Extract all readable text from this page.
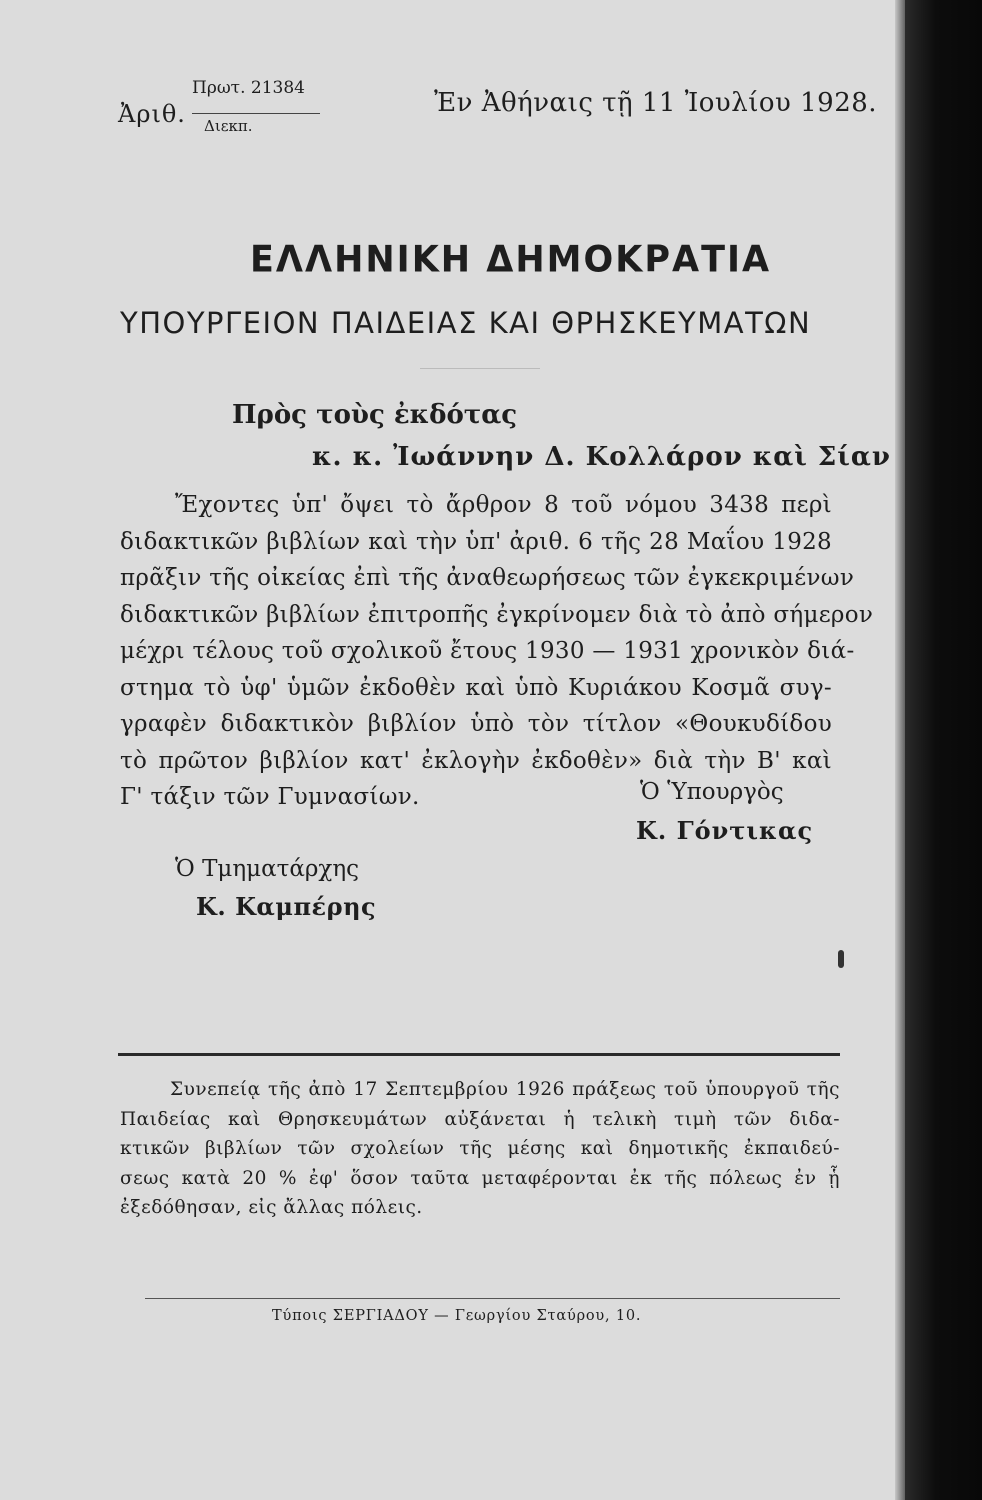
Ἀριθ.
Πρωτ. 21384
Διεκπ.
Ἐν Ἀθήναις τῇ 11 Ἰουλίου 1928.
ΕΛΛΗΝΙΚΗ ΔΗΜΟΚΡΑΤΙΑ
ΥΠΟΥΡΓΕΙΟΝ ΠΑΙΔΕΙΑΣ ΚΑΙ ΘΡΗΣΚΕΥΜΑΤΩΝ
Πρὸς τοὺς ἐκδότας
κ. κ. Ἰωάννην Δ. Κολλάρον καὶ Σίαν
Ἔχοντες ὑπ' ὄψει τὸ ἄρθρον 8 τοῦ νόμου 3438 περὶ
διδακτικῶν βιβλίων καὶ τὴν ὑπ' ἀριθ. 6 τῆς 28 Μαΐου 1928
πρᾶξιν τῆς οἰκείας ἐπὶ τῆς ἀναθεωρήσεως τῶν ἐγκεκριμένων
διδακτικῶν βιβλίων ἐπιτροπῆς ἐγκρίνομεν διὰ τὸ ἀπὸ σήμερον
μέχρι τέλους τοῦ σχολικοῦ ἔτους 1930 — 1931 χρονικὸν διά-
στημα τὸ ὑφ' ὑμῶν ἐκδοθὲν καὶ ὑπὸ Κυριάκου Κοσμᾶ συγ-
γραφὲν διδακτικὸν βιβλίον ὑπὸ τὸν τίτλον «Θουκυδίδου
τὸ πρῶτον βιβλίον κατ' ἐκλογὴν ἐκδοθὲν» διὰ τὴν Β' καὶ
Γ' τάξιν τῶν Γυμνασίων.	Ὁ Ὑπουργὸς
Κ. Γόντικας
Ὁ Τμηματάρχης
Κ. Καμπέρης
Συνεπείᾳ τῆς ἀπὸ 17 Σεπτεμβρίου 1926 πράξεως τοῦ ὑπουργοῦ τῆς
Παιδείας καὶ Θρησκευμάτων αὐξάνεται ἡ τελικὴ τιμὴ τῶν διδα-
κτικῶν βιβλίων τῶν σχολείων τῆς μέσης καὶ δημοτικῆς ἐκπαιδεύ-
σεως κατὰ 20 % ἐφ' ὅσον ταῦτα μεταφέρονται ἐκ τῆς πόλεως ἐν ᾗ
ἐξεδόθησαν, εἰς ἄλλας πόλεις.
Τύποις ΣΕΡΓΙΑΔΟΥ — Γεωργίου Σταύρου, 10.
